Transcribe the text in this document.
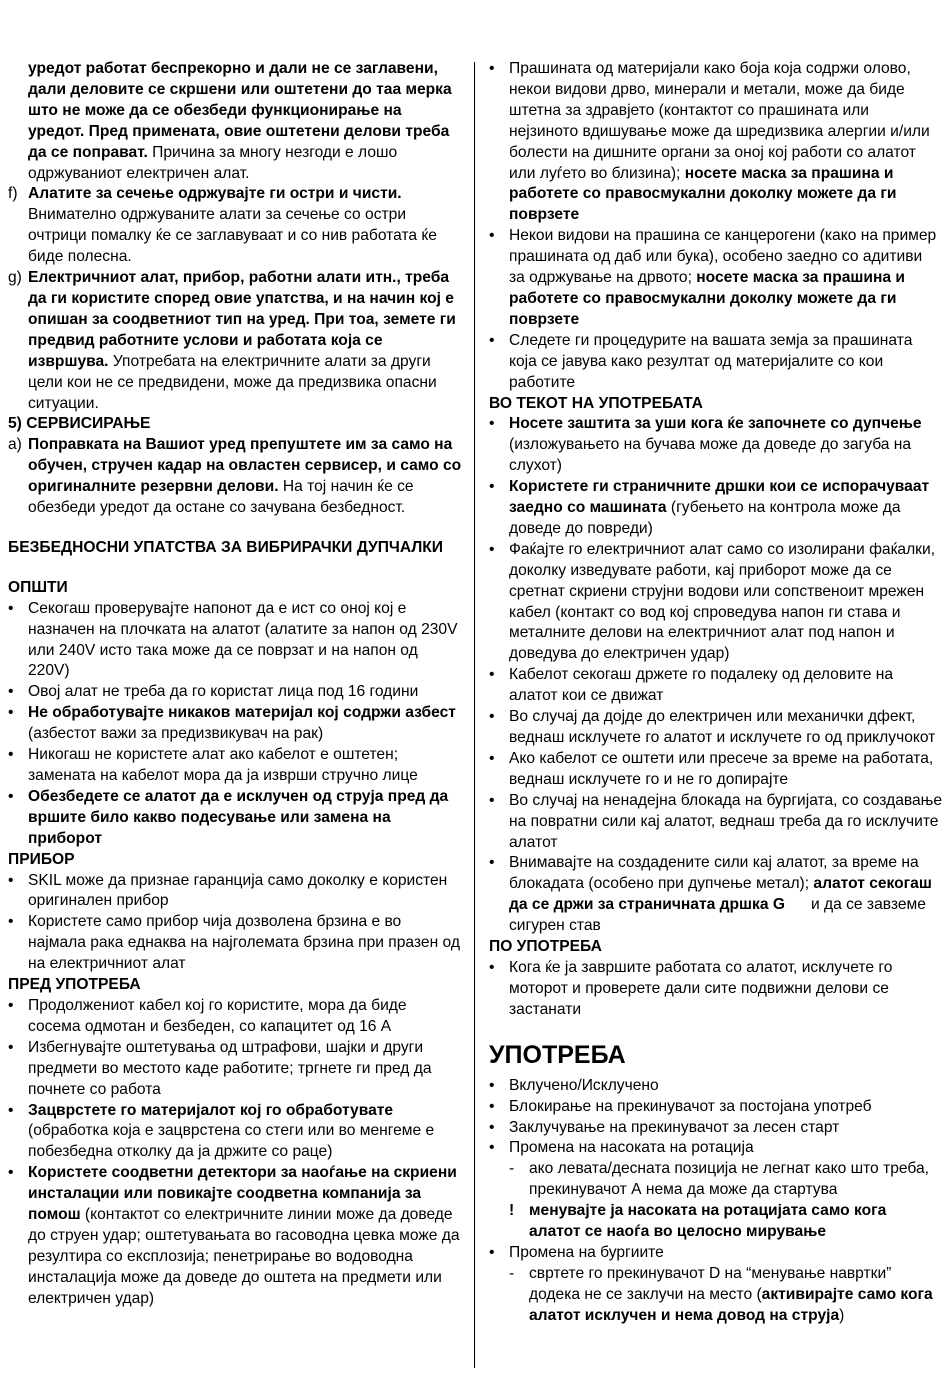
уредот работат беспрекорно и дали не се заглавени, дали деловите се скршени или оштетени до таа мерка што не може да се обезбеди функционирање на уредот. Пред примената, овие оштетени делови треба да се поправат. Причина за многу незгоди е лошо одржуваниот електричен алат.

f) Алатите за сечење одржувајте ги остри и чисти. Внимателно одржуваните алати за сечење со остри очтрици помалку ќе се заглавуваат и со нив работата ќе биде полесна.

g) Електричниот алат, прибор, работни алати итн., треба да ги користите според овие упатства, и на начин кој е опишан за соодветниот тип на уред. При тоа, земете ги предвид работните услови и работата која се извршува. Употребата на електричните алати за други цели кои не се предвидени, може да предизвика опасни ситуации.

5) СЕРВИСИРАЊЕ

a) Поправката на Вашиот уред препуштете им за само на обучен, стручен кадар на овластен сервисер, и само со оригиналните резервни делови. На тој начин ќе се обезбеди уредот да остане со зачувана безбедност.

БЕЗБЕДНОСНИ УПАТСТВА ЗА ВИБРИРАЧКИ ДУПЧАЛКИ

ОПШТИ

• Секогаш проверувајте напонот да е ист со оној кој е назначен на плочката на алатот (алатите за напон од 230V или 240V исто така може да се поврзат и на напон од 220V)

• Овој алат не треба да го користат лица под 16 години

• Не обработувајте никаков материјал кој содржи азбест (азбестот важи за предизвикувач на рак)

• Никогаш не користете алат ако кабелот е оштетен; замената на кабелот мора да ја изврши стручно лице

• Обезбедете се алатот да е исклучен од струја пред да вршите било какво подесување или замена на приборот

ПРИБОР

• SKIL може да признае гаранција само доколку е користен оригинален прибор

• Користете само прибор чија дозволена брзина е во најмала рака еднаква на најголемата брзина при празен од на електричниот алат

ПРЕД УПОТРЕБА

• Продолжениот кабел кој го користите, мора да биде сосема одмотан и безбеден, со капацитет од 16 А

• Избегнувајте оштетувања од штрафови, шајки и други предмети во местото каде работите; тргнете ги пред да почнете со работа

• Зацврстете го материјалот кој го обработувате (обработка која е зацврстена со стеги или во менгеме е побезбедна отколку да ја држите со раце)

• Користете соодветни детектори за наоѓање на скриени инсталации или повикајте соодветна компанија за помош (контактот со електричните линии може да доведе до струен удар; оштетувањата во гасоводна цевка може да резултира со експлозија; пенетрирање во водоводна инсталација може да доведе до оштета на предмети или електричен удар)

• Прашината од материјали како боја која содржи олово, некои видови дрво, минерали и метали, може да биде штетна за здравјето (контактот со прашината или нејзиното вдишување може да шредизвика алергии и/или болести на дишните органи за оној кој работи со алатот или луѓето во близина); носете маска за прашина и работете со правосмукални доколку можете да ги поврзете

• Некои видови на прашина се канцерогени (како на пример прашината од даб или бука), особено заедно со адитиви за одржување на дрвото; носете маска за прашина и работете со правосмукални доколку можете да ги поврзете

• Следете ги процедурите на вашата земја за прашината која се јавува како резултат од материјалите со кои работите

ВО ТЕКОТ НА УПОТРЕБАТА

• Носете заштита за уши кога ќе започнете со дупчење (изложувањето на бучава може да доведе до загуба на слухот)

• Користете ги страничните дршки кои се испорачуваат заедно со машината (губењето на контрола може да доведе до повреди)

• Фаќајте го електричниот алат само со изолирани фаќалки, доколку изведувате работи, кај приборот може да се сретнат скриени струјни водови или сопственоит мрежен кабел (контакт со вод кој спроведува напон ги става и металните делови на електричниот алат под напон и доведува до електричен удар)

• Кабелот секогаш држете го подалеку од деловите на алатот кои се движат

• Во случај да дојде до електричен или механички дфект, веднаш исклучете го алатот и исклучете го од приклучокот

• Ако кабелот се оштети или пресече за време на работата, веднаш исклучете го и не го допирајте

• Во случај на ненадејна блокада на бургијата, со создавање на повратни сили кај алатот, веднаш треба да го исклучите алатот

• Внимавајте на создадените сили кај алатот, за време на блокадата (особено при дупчење метал); алатот секогаш да се држи за страничната дршка G      и да се завземе сигурен став

ПО УПОТРЕБА

• Кога ќе ја завршите работата со алатот, исклучете го моторот и проверете дали сите подвижни делови се застанати

УПОТРЕБА

• Вклучено/Исклучено

• Блокирање на прекинувачот за постојана употреб

• Заклучување на прекинувачот за лесен старт

• Промена на насоката на ротација

- ако левата/десната позиција не легнат како што треба, прекинувачот А нема да може да стартува

! менувајте ја насоката на ротацијата само кога алатот се наоѓа во целосно мирување

• Промена на бургиите

- свртете го прекинувачот D на “менување навртки” додека не се заклучи на место (активирајте само кога алатот исклучен и нема довод на струја)
